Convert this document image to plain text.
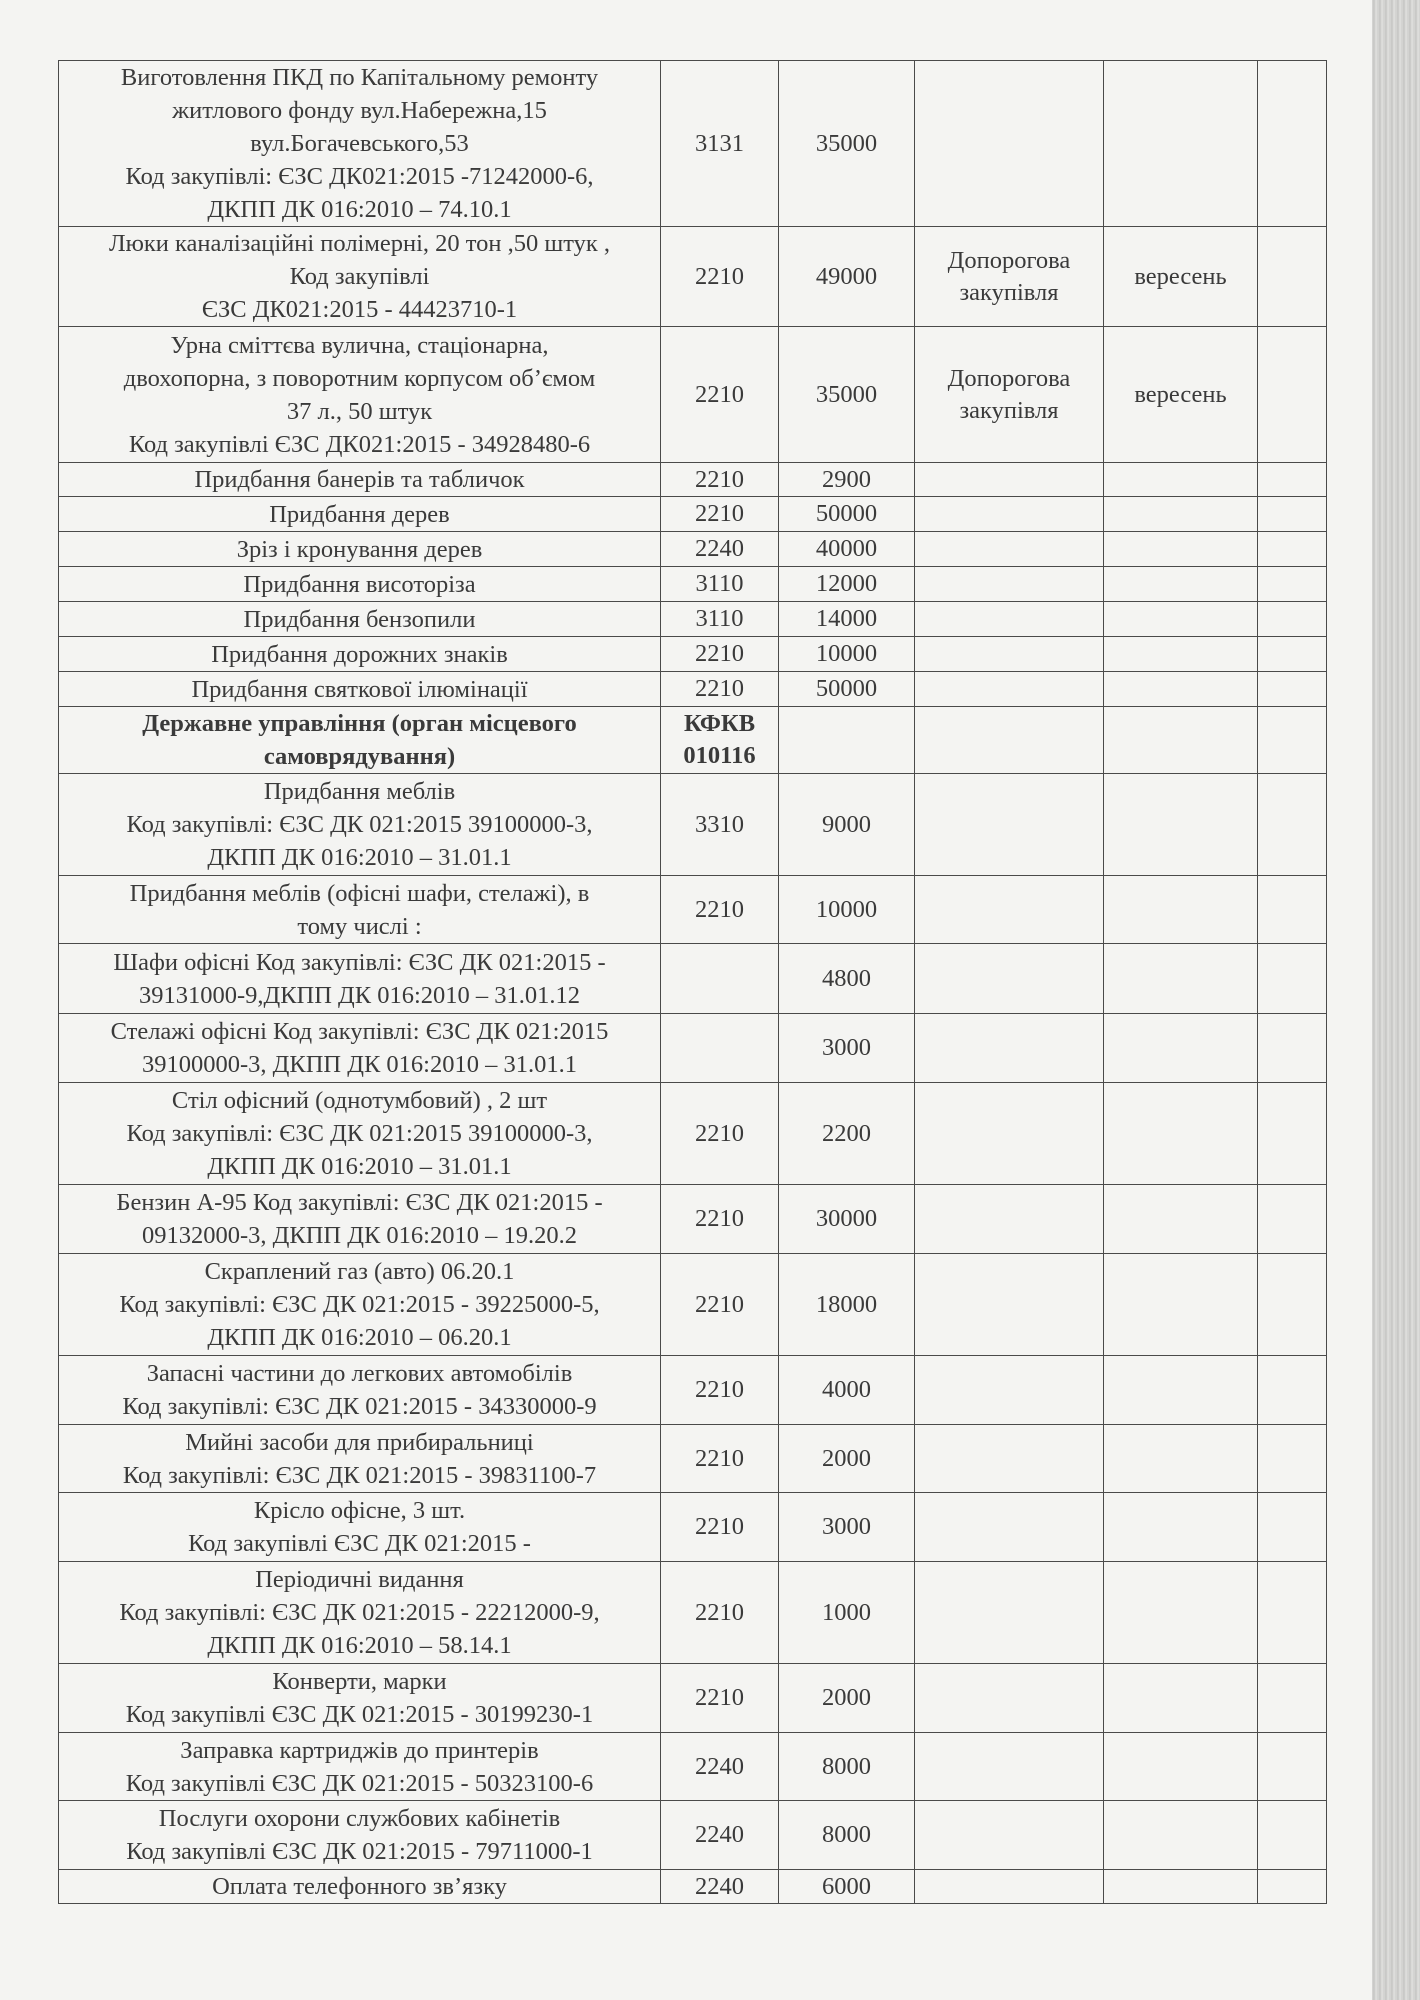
Виготовлення ПКД по Капітальному ремонту
житлового фонду вул.Набережна,15
вул.Богачевського,53
Код закупівлі: ЄЗС ДК021:2015 -71242000-6,
ДКПП ДК 016:2010 – 74.10.1	3131	35000			

Люки каналізаційні полімерні, 20 тон ,50 штук ,
Код закупівлі
ЄЗС ДК021:2015 - 44423710-1	2210	49000	Допорогова закупівля	вересень	

Урна сміттєва вулична, стаціонарна,
двохопорна, з поворотним корпусом об’ємом
37 л., 50 штук
Код закупівлі ЄЗС ДК021:2015 - 34928480-6	2210	35000	Допорогова закупівля	вересень	

Придбання банерів та табличок	2210	2900			

Придбання дерев	2210	50000			

Зріз і кронування дерев	2240	40000			

Придбання висоторіза	3110	12000			

Придбання бензопили	3110	14000			

Придбання дорожних знаків	2210	10000			

Придбання святкової ілюмінації	2210	50000			

Державне управління (орган місцевого
самоврядування)	КФКВ 010116				

Придбання меблів
Код закупівлі: ЄЗС ДК 021:2015 39100000-3,
ДКПП ДК 016:2010 – 31.01.1	3310	9000			

Придбання меблів (офісні шафи, стелажі), в
тому числі :	2210	10000			

Шафи офісні Код закупівлі: ЄЗС ДК 021:2015 -
39131000-9,ДКПП ДК 016:2010 – 31.01.12		4800			

Стелажі офісні Код закупівлі: ЄЗС ДК 021:2015
39100000-3, ДКПП ДК 016:2010 – 31.01.1		3000			

Стіл офісний (однотумбовий) , 2 шт
Код закупівлі: ЄЗС ДК 021:2015 39100000-3,
ДКПП ДК 016:2010 – 31.01.1	2210	2200			

Бензин А-95 Код закупівлі: ЄЗС ДК 021:2015 -
09132000-3, ДКПП ДК 016:2010 – 19.20.2	2210	30000			

Скраплений газ (авто) 06.20.1
Код закупівлі: ЄЗС ДК 021:2015 - 39225000-5,
ДКПП ДК 016:2010 – 06.20.1	2210	18000			

Запасні частини до легкових автомобілів
Код закупівлі: ЄЗС ДК 021:2015 - 34330000-9	2210	4000			

Мийні засоби для прибиральниці
Код закупівлі: ЄЗС ДК 021:2015 - 39831100-7	2210	2000			

Крісло офісне, 3 шт.
Код закупівлі ЄЗС ДК 021:2015 -	2210	3000			

Періодичні видання
Код закупівлі: ЄЗС ДК 021:2015 - 22212000-9,
ДКПП ДК 016:2010 – 58.14.1	2210	1000			

Конверти, марки
Код закупівлі ЄЗС ДК 021:2015 - 30199230-1	2210	2000			

Заправка картриджів до принтерів
Код закупівлі ЄЗС ДК 021:2015 - 50323100-6	2240	8000			

Послуги охорони службових кабінетів
Код закупівлі ЄЗС ДК 021:2015 - 79711000-1	2240	8000			

Оплата телефонного зв’язку	2240	6000			
